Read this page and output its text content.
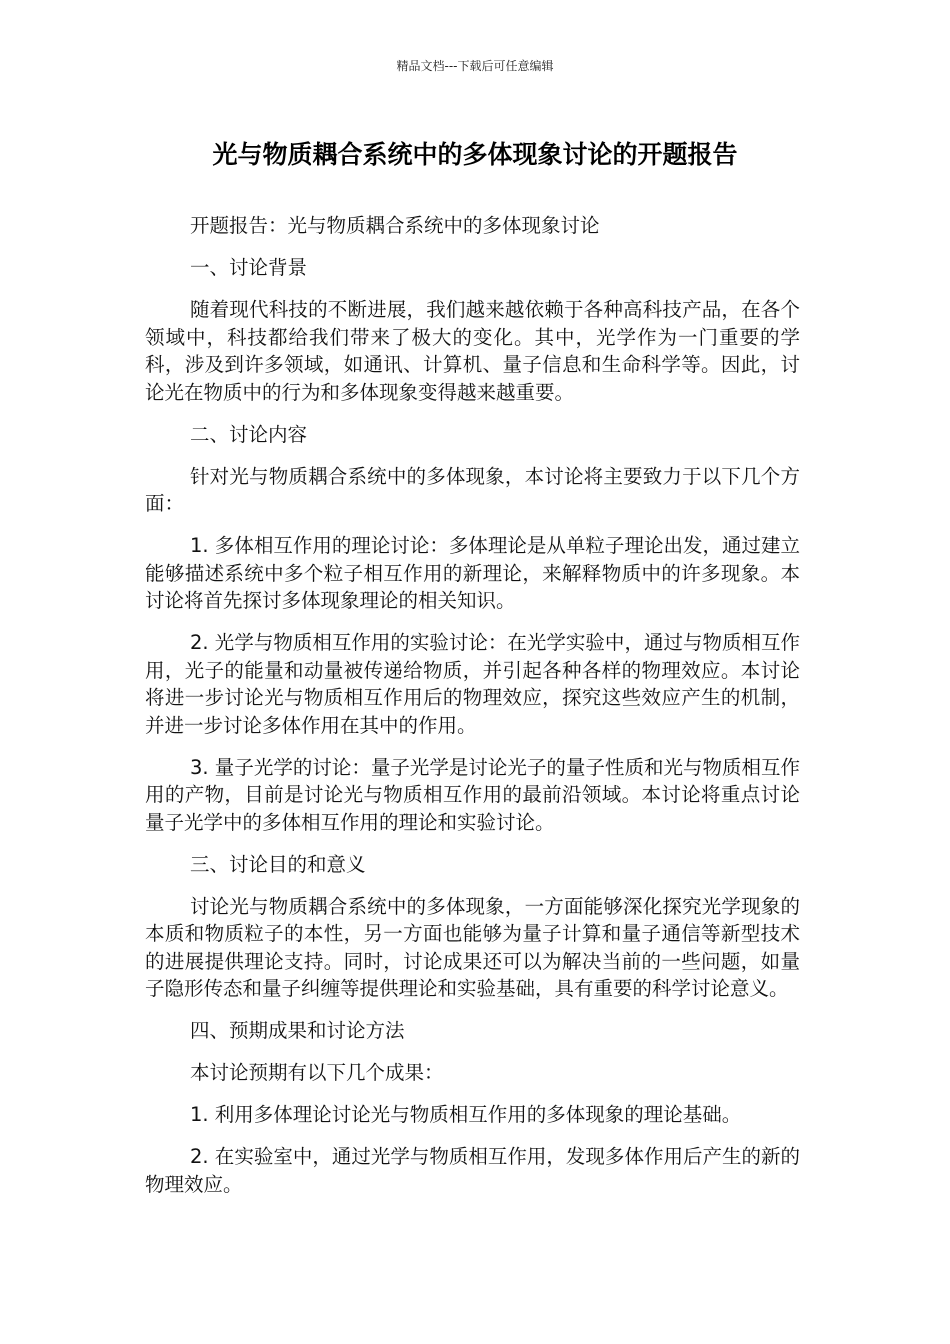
精品文档---下载后可任意编辑
光与物质耦合系统中的多体现象讨论的开题报告

开题报告：光与物质耦合系统中的多体现象讨论

一、讨论背景

随着现代科技的不断进展，我们越来越依赖于各种高科技产品，在各个领域中，科技都给我们带来了极大的变化。其中，光学作为一门重要的学科，涉及到许多领域，如通讯、计算机、量子信息和生命科学等。因此，讨论光在物质中的行为和多体现象变得越来越重要。

二、讨论内容

针对光与物质耦合系统中的多体现象，本讨论将主要致力于以下几个方面：

1. 多体相互作用的理论讨论：多体理论是从单粒子理论出发，通过建立能够描述系统中多个粒子相互作用的新理论，来解释物质中的许多现象。本讨论将首先探讨多体现象理论的相关知识。

2. 光学与物质相互作用的实验讨论：在光学实验中，通过与物质相互作用，光子的能量和动量被传递给物质，并引起各种各样的物理效应。本讨论将进一步讨论光与物质相互作用后的物理效应，探究这些效应产生的机制，并进一步讨论多体作用在其中的作用。

3. 量子光学的讨论：量子光学是讨论光子的量子性质和光与物质相互作用的产物，目前是讨论光与物质相互作用的最前沿领域。本讨论将重点讨论量子光学中的多体相互作用的理论和实验讨论。

三、讨论目的和意义

讨论光与物质耦合系统中的多体现象，一方面能够深化探究光学现象的本质和物质粒子的本性，另一方面也能够为量子计算和量子通信等新型技术的进展提供理论支持。同时，讨论成果还可以为解决当前的一些问题，如量子隐形传态和量子纠缠等提供理论和实验基础，具有重要的科学讨论意义。

四、预期成果和讨论方法

本讨论预期有以下几个成果：

1. 利用多体理论讨论光与物质相互作用的多体现象的理论基础。

2. 在实验室中，通过光学与物质相互作用，发现多体作用后产生的新的物理效应。
